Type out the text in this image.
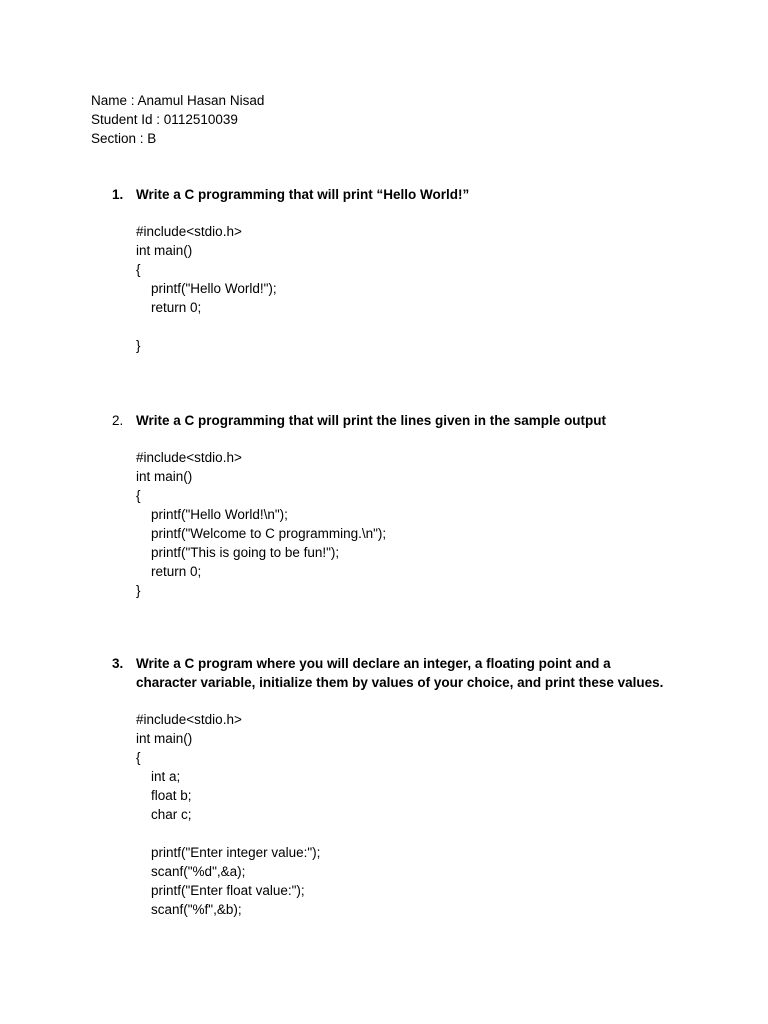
Name : Anamul Hasan Nisad
Student Id : 0112510039
Section : B
1. Write a C programming that will print “Hello World!”
#include<stdio.h>
int main()
{
printf("Hello World!");
return 0;
}
2. Write a C programming that will print the lines given in the sample output
#include<stdio.h>
int main()
{
printf("Hello World!\n");
printf("Welcome to C programming.\n");
printf("This is going to be fun!");
return 0;
}
3. Write a C program where you will declare an integer, a floating point and a
character variable, initialize them by values of your choice, and print these values.
#include<stdio.h>
int main()
{
int a;
float b;
char c;
printf("Enter integer value:");
scanf("%d",&a);
printf("Enter float value:");
scanf("%f",&b);
